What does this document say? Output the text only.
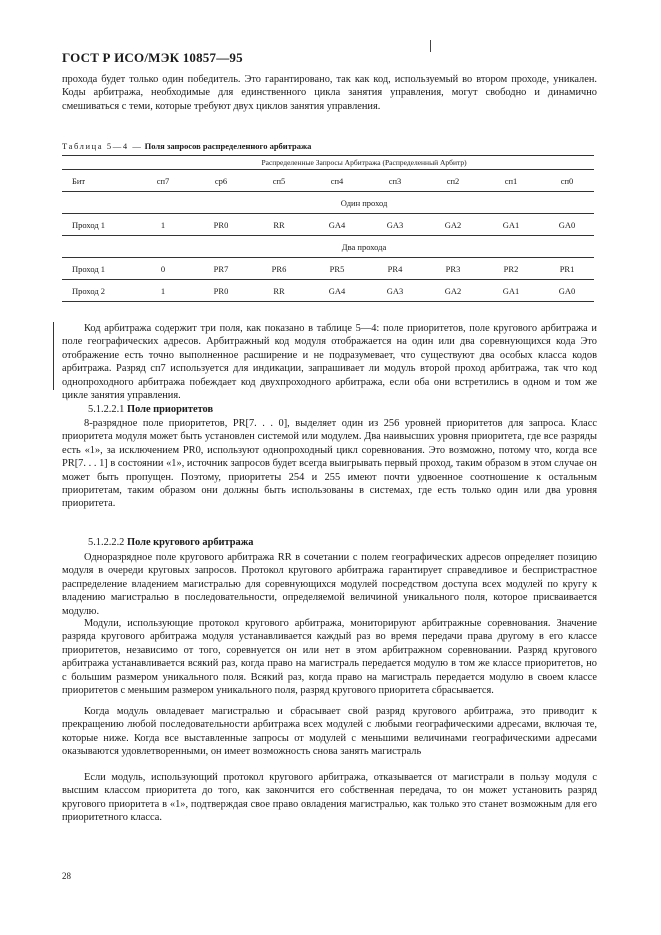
ГОСТ Р ИСО/МЭК 10857—95

прохода будет только один победитель. Это гарантировано, так как код, используемый во втором проходе, уникален. Коды арбитража, необходимые для единственного цикла занятия управления, могут свободно и динамично смешиваться с теми, которые требуют двух циклов занятия управления.

Таблица 5—4 — Поля запросов распределенного арбитража
	Распределенные Запросы Арбитража (Распределенный Арбитр)							
Бит	сп7	ср6	сп5	сп4	сп3	сп2	сп1	сп0
	Один проход							
Проход 1	1	PR0	RR	GA4	GA3	GA2	GA1	GA0
	Два прохода							
Проход 1	0	PR7	PR6	PR5	PR4	PR3	PR2	PR1
Проход 2	1	PR0	RR	GA4	GA3	GA2	GA1	GA0

Код арбитража содержит три поля, как показано в таблице 5—4: поле приоритетов, поле кругового арбитража и поле географических адресов. Арбитражный код модуля отображается на один или два соревнующихся кода Это отображение есть точно выполненное расширение и не подразумевает, что существуют два особых класса кодов арбитража. Разряд сп7 используется для индикации, запрашивает ли модуль второй проход арбитража, так что код однопроходного арбитража побеждает код двухпроходного арбитража, если оба они встретились в одном и том же цикле занятия управления.

5.1.2.2.1 Поле приоритетов

8-разрядное поле приоритетов, PR[7. . . 0], выделяет один из 256 уровней приоритетов для запроса. Класс приоритета модуля может быть установлен системой или модулем. Два наивысших уровня приоритета, где все разряды есть «1», за исключением PR0, используют однопроходный цикл соревнования. Это возможно, потому что, когда все PR[7. . . 1] в состоянии «1», источник запросов будет всегда выигрывать первый проход, таким образом в этом случае он может быть пропущен. Поэтому, приоритеты 254 и 255 имеют почти удвоенное соотношение к остальным приоритетам, таким образом они должны быть использованы в системах, где есть только один или два уровня приоритета.

5.1.2.2.2 Поле кругового арбитража

Одноразрядное поле кругового арбитража RR в сочетании с полем географических адресов определяет позицию модуля в очереди круговых запросов. Протокол кругового арбитража гарантирует справедливое и беспристрастное распределение владением магистралью для соревнующихся модулей посредством доступа всех модулей по кругу к владению магистралью в последовательности, определяемой величиной уникального поля, которое присваивается модулю.

Модули, использующие протокол кругового арбитража, мониторируют арбитражные соревнования. Значение разряда кругового арбитража модуля устанавливается каждый раз во время передачи права другому в его классе приоритетов, независимо от того, соревнуется он или нет в этом арбитражном соревновании. Разряд кругового арбитража устанавливается всякий раз, когда право на магистраль передается модулю в том же классе приоритетов, но с большим размером уникального поля. Всякий раз, когда право на магистраль передается модулю в своем классе приоритетов с меньшим размером уникального поля, разряд кругового приоритета сбрасывается.

Когда модуль овладевает магистралью и сбрасывает свой разряд кругового арбитража, это приводит к прекращению любой последовательности арбитража всех модулей с любыми географическими адресами, включая те, которые ниже. Когда все выставленные запросы от модулей с меньшими величинами географическими адресами оказываются удовлетворенными, он имеет возможность снова занять магистраль

Если модуль, использующий протокол кругового арбитража, отказывается от магистрали в пользу модуля с высшим классом приоритета до того, как закончится его собственная передача, то он может установить разряд кругового приоритета в «1», подтверждая свое право овладения магистралью, как только это станет возможным для его приоритетного класса.

28
